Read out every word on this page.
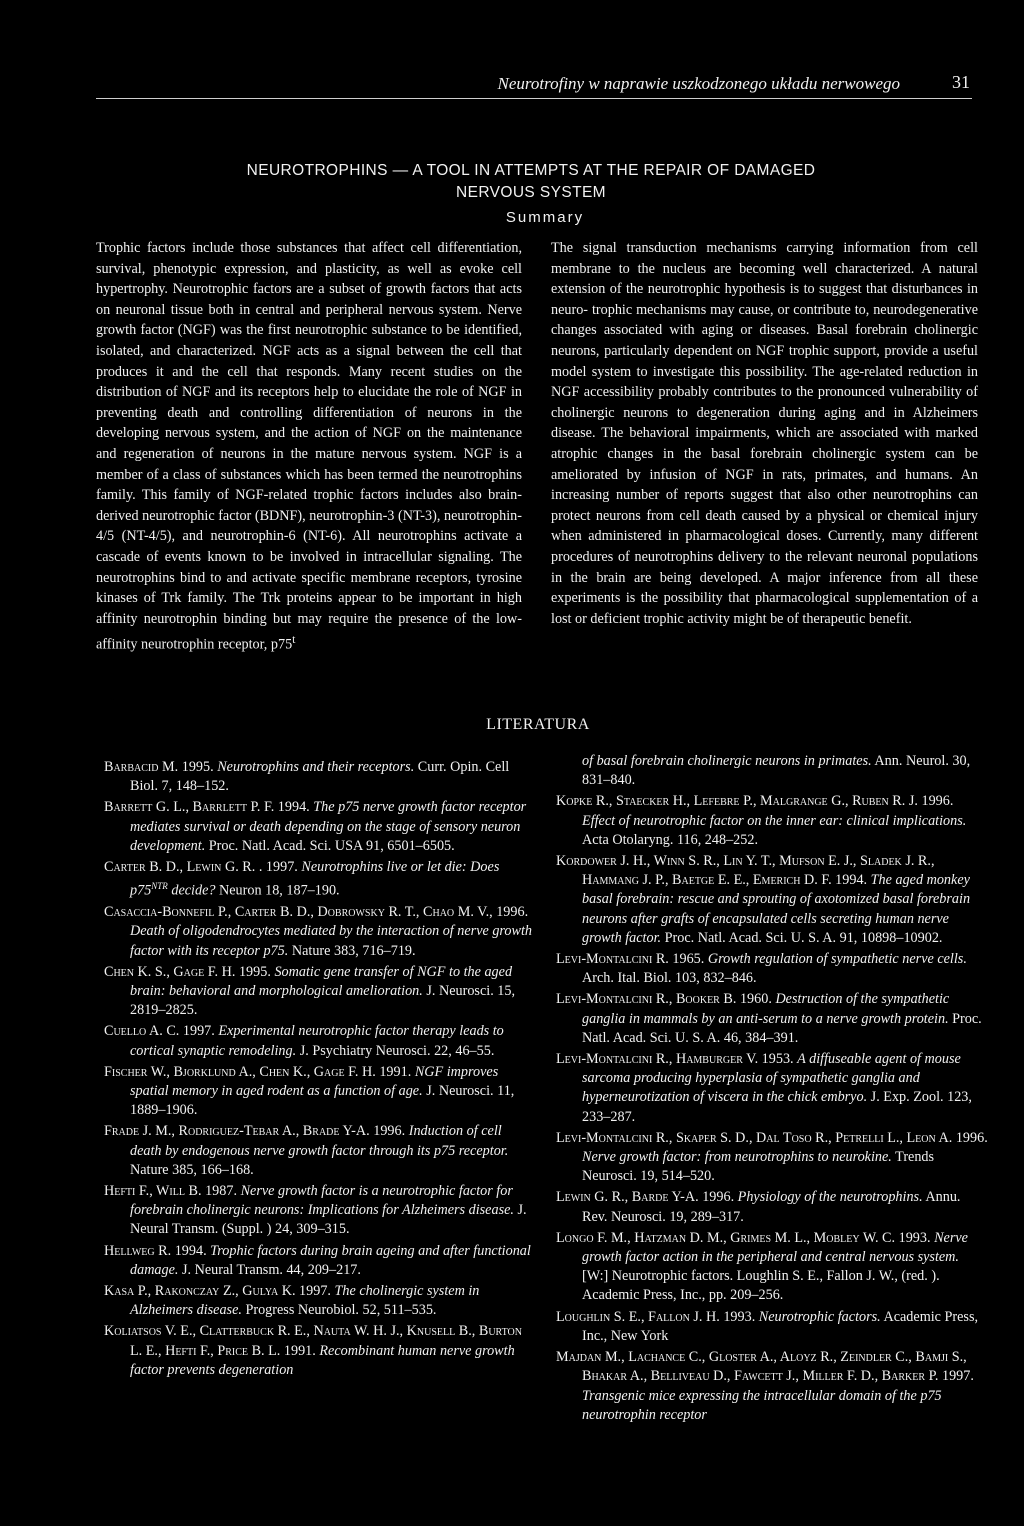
Neurotrofiny w naprawie uszkodzonego układu nerwowego	31
NEUROTROPHINS — A TOOL IN ATTEMPTS AT THE REPAIR OF DAMAGED
NERVOUS SYSTEM
Summary
Trophic factors include those substances that affect cell differentiation, survival, phenotypic expression, and plasticity, as well as evoke cell hypertrophy. Neurotrophic factors are a subset of growth factors that acts on neuronal tissue both in central and peripheral nervous system. Nerve growth factor (NGF) was the first neurotrophic substance to be identified, isolated, and characterized. NGF acts as a signal between the cell that produces it and the cell that responds. Many recent studies on the distribution of NGF and its receptors help to elucidate the role of NGF in preventing death and controlling differentiation of neurons in the developing nervous system, and the action of NGF on the maintenance and regeneration of neurons in the mature nervous system. NGF is a member of a class of substances which has been termed the neurotrophins family. This family of NGF-related trophic factors includes also brain-derived neurotrophic factor (BDNF), neurotrophin-3 (NT-3), neurotrophin-4/5 (NT-4/5), and neurotrophin-6 (NT-6). All neurotrophins activate a cascade of events known to be involved in intracellular signaling. The neurotrophins bind to and activate specific membrane receptors, tyrosine kinases of Trk family. The Trk proteins appear to be important in high affinity neurotrophin binding but may require the presence of the low-affinity neurotrophin receptor, p75$^t$
The signal transduction mechanisms carrying information from cell membrane to the nucleus are becoming well characterized. A natural extension of the neurotrophic hypothesis is to suggest that disturbances in neuro- trophic mechanisms may cause, or contribute to, neurodegenerative changes associated with aging or diseases. Basal forebrain cholinergic neurons, particularly dependent on NGF trophic support, provide a useful model system to investigate this possibility. The age-related reduction in NGF accessibility probably contributes to the pronounced vulnerability of cholinergic neurons to degeneration during aging and in Alzheimers disease. The behavioral impairments, which are associated with marked atrophic changes in the basal forebrain cholinergic system can be ameliorated by infusion of NGF in rats, primates, and humans. An increasing number of reports suggest that also other neurotrophins can protect neurons from cell death caused by a physical or chemical injury when administered in pharmacological doses. Currently, many different procedures of neurotrophins delivery to the relevant neuronal populations in the brain are being developed. A major inference from all these experiments is the possibility that pharmacological supplementation of a lost or deficient trophic activity might be of therapeutic benefit.
LITERATURA

Barbacid M. 1995. Neurotrophins and their receptors. Curr. Opin. Cell Biol. 7, 148–152.

Barrett G. L., Barrlett P. F. 1994. The p75 nerve growth factor receptor mediates survival or death depending on the stage of sensory neuron development. Proc. Natl. Acad. Sci. USA 91, 6501–6505.

Carter B. D., Lewin G. R. . 1997. Neurotrophins live or let die: Does $p75^{NTR}$ decide? Neuron 18, 187–190.

Casaccia-Bonnefil P., Carter B. D., Dobrowsky R. T., Chao M. V., 1996. Death of oligodendrocytes mediated by the interaction of nerve growth factor with its receptor p75. Nature 383, 716–719.

Chen K. S., Gage F. H. 1995. Somatic gene transfer of NGF to the aged brain: behavioral and morphological amelioration. J. Neurosci. 15, 2819–2825.

Cuello A. C. 1997. Experimental neurotrophic factor therapy leads to cortical synaptic remodeling. J. Psychiatry Neurosci. 22, 46–55.

Fischer W., Bjorklund A., Chen K., Gage F. H. 1991. NGF improves spatial memory in aged rodent as a function of age. J. Neurosci. 11, 1889–1906.

Frade J. M., Rodriguez-Tebar A., Brade Y-A. 1996. Induction of cell death by endogenous nerve growth factor through its p75 receptor. Nature 385, 166–168.

Hefti F., Will B. 1987. Nerve growth factor is a neurotrophic factor for forebrain cholinergic neurons: Implications for Alzheimers disease. J. Neural Transm. (Suppl. ) 24, 309–315.

Hellweg R. 1994. Trophic factors during brain ageing and after functional damage. J. Neural Transm. 44, 209–217.

Kasa P., Rakonczay Z., Gulya K. 1997. The cholinergic system in Alzheimers disease. Progress Neurobiol. 52, 511–535.

Koliatsos V. E., Clatterbuck R. E., Nauta W. H. J., Knusell B., Burton L. E., Hefti F., Price B. L. 1991. Recombinant human nerve growth factor prevents degeneration

of basal forebrain cholinergic neurons in primates. Ann. Neurol. 30, 831–840.

Kopke R., Staecker H., Lefebre P., Malgrange G., Ruben R. J. 1996. Effect of neurotrophic factor on the inner ear: clinical implications. Acta Otolaryng. 116, 248–252.

Kordower J. H., Winn S. R., Lin Y. T., Mufson E. J., Sladek J. R., Hammang J. P., Baetge E. E., Emerich D. F. 1994. The aged monkey basal forebrain: rescue and sprouting of axotomized basal forebrain neurons after grafts of encapsulated cells secreting human nerve growth factor. Proc. Natl. Acad. Sci. U. S. A. 91, 10898–10902.

Levi-Montalcini R. 1965. Growth regulation of sympathetic nerve cells. Arch. Ital. Biol. 103, 832–846.

Levi-Montalcini R., Booker B. 1960. Destruction of the sympathetic ganglia in mammals by an anti-serum to a nerve growth protein. Proc. Natl. Acad. Sci. U. S. A. 46, 384–391.

Levi-Montalcini R., Hamburger V. 1953. A diffuseable agent of mouse sarcoma producing hyperplasia of sympathetic ganglia and hyperneurotization of viscera in the chick embryo. J. Exp. Zool. 123, 233–287.

Levi-Montalcini R., Skaper S. D., Dal Toso R., Petrelli L., Leon A. 1996. Nerve growth factor: from neurotrophins to neurokine. Trends Neurosci. 19, 514–520.

Lewin G. R., Barde Y-A. 1996. Physiology of the neurotrophins. Annu. Rev. Neurosci. 19, 289–317.

Longo F. M., Hatzman D. M., Grimes M. L., Mobley W. C. 1993. Nerve growth factor action in the peripheral and central nervous system. [W:] Neurotrophic factors. Loughlin S. E., Fallon J. W., (red. ). Academic Press, Inc., pp. 209–256.

Loughlin S. E., Fallon J. H. 1993. Neurotrophic factors. Academic Press, Inc., New York

Majdan M., Lachance C., Gloster A., Aloyz R., Zeindler C., Bamji S., Bhakar A., Belliveau D., Fawcett J., Miller F. D., Barker P. 1997. Transgenic mice expressing the intracellular domain of the p75 neurotrophin receptor
